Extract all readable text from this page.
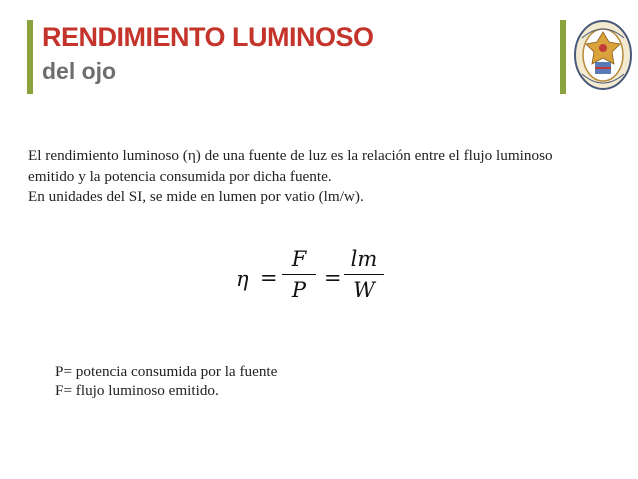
RENDIMIENTO LUMINOSO
del ojo

El rendimiento luminoso (η) de una fuente de luz es la relación entre el flujo luminoso

emitido y la potencia consumida por dicha fuente.

En unidades del SI, se mide en lumen por vatio (lm/w).

η =
F
P =
lm
W
P= potencia consumida por la fuente
F= flujo luminoso emitido.
